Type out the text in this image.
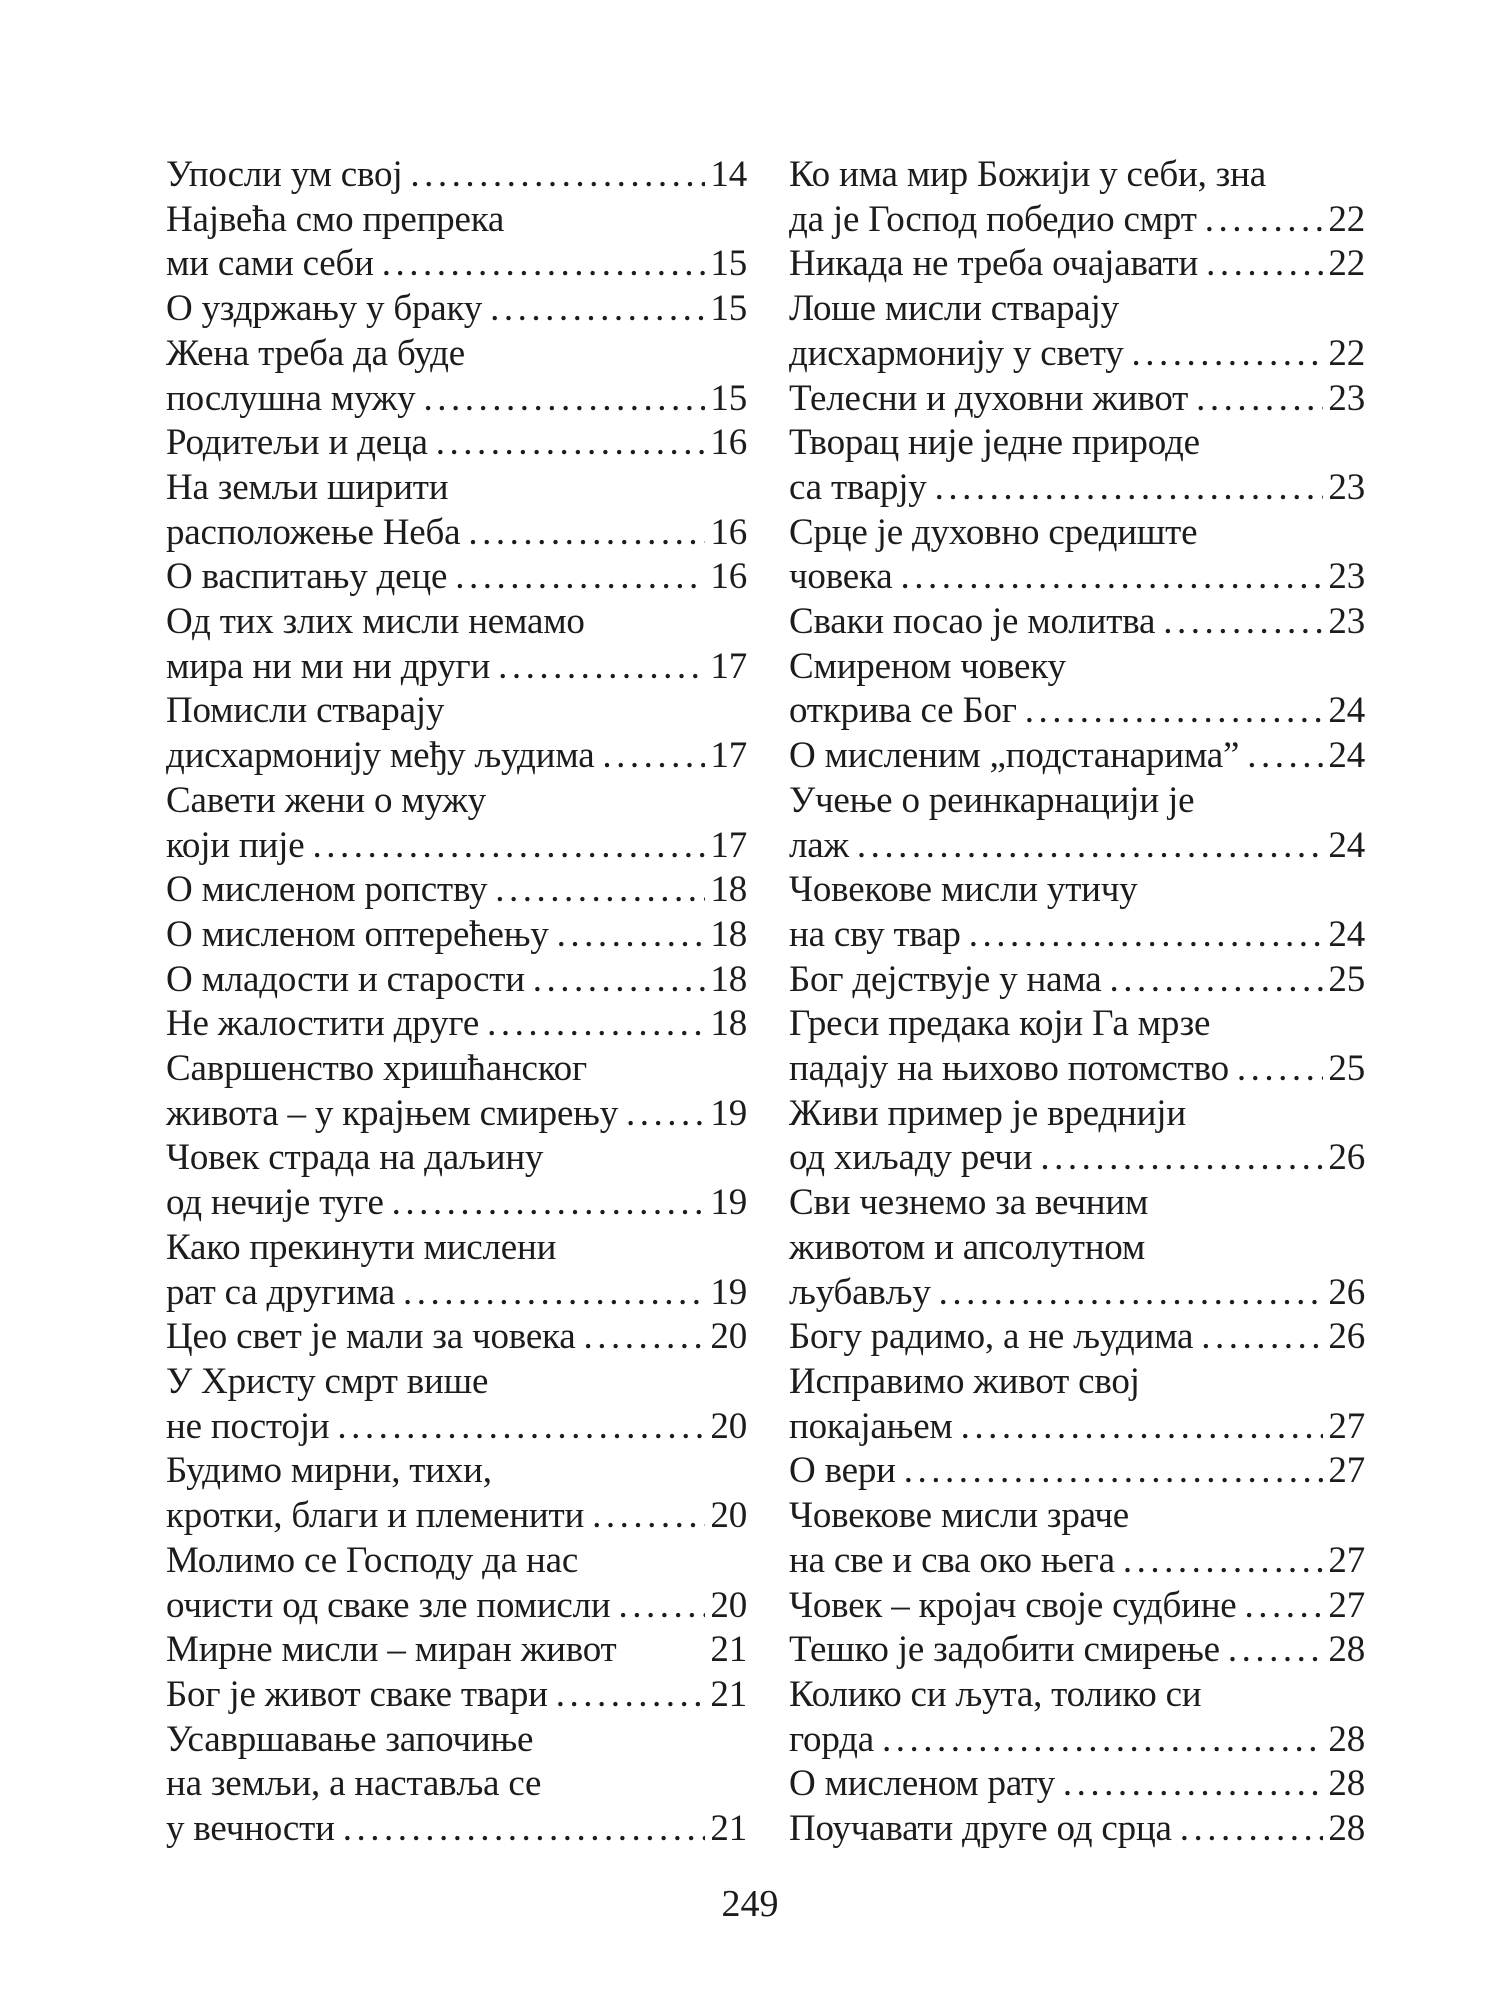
Упосли ум свој .....	14
Највећа смо препрека
ми сами себи .....	15
О уздржању у браку .....	15
Жена треба да буде
послушна мужу .....	15
Родитељи и деца .....	16
На земљи ширити
расположење Неба .....	16
О васпитању деце .....	16
Од тих злих мисли немамо
мира ни ми ни други .....	17
Помисли стварају
дисхармонију међу људима .....	17
Савети жени о мужу
који пије .....	17
О мисленом ропству .....	18
О мисленом оптерећењу .....	18
О младости и старости .....	18
Не жалостити друге .....	18
Савршенство хришћанског
живота – у крајњем смирењу ..... 19
Човек страда на даљину
од нечије туге .....	19
Како прекинути мислени
рат са другима .....	19
Цео свет је мали за човека .....	20
У Христу смрт више
не постоји .....	20
Будимо мирни, тихи,
кротки, благи и племенити .....	20
Молимо се Господу да нас
очисти од сваке зле помисли .....	20
Мирне мисли – миран живот	21
Бог је живот сваке твари .....	21
Усавршавање започиње
на земљи, а наставља се
у вечности .....	21
Ко има мир Божији у себи, зна
да је Господ победио смрт .....	22
Никада не треба очајавати .....	22
Лоше мисли стварају
дисхармонију у свету .....	22
Телесни и духовни живот .....	23
Творац није једне природе
са тварју .....	23
Срце је духовно средиште
човека .....	23
Сваки посао је молитва .....	23
Смиреном човеку
открива се Бог .....	24
О мисленим „подстанарима” ..... 24
Учење о реинкарнацији је
лаж .....	24
Човекове мисли утичу
на сву твар .....	24
Бог дејствује у нама .....	25
Греси предака који Га мрзе
падају на њихово потомство .....	25
Живи пример је вреднији
од хиљаду речи .....	26
Сви чезнемо за вечним
животом и апсолутном
љубављу .....	26
Богу радимо, а не људима .....	26
Исправимо живот свој
покајањем .....	27
О вери .....	27
Човекове мисли зраче
на све и сва око њега .....	27
Човек – кројач своје судбине ..... 27
Тешко је задобити смирење .....	28
Колико си љута, толико си
горда .....	28
О мисленом рату .....	28
Поучавати друге од срца .....	28
249
